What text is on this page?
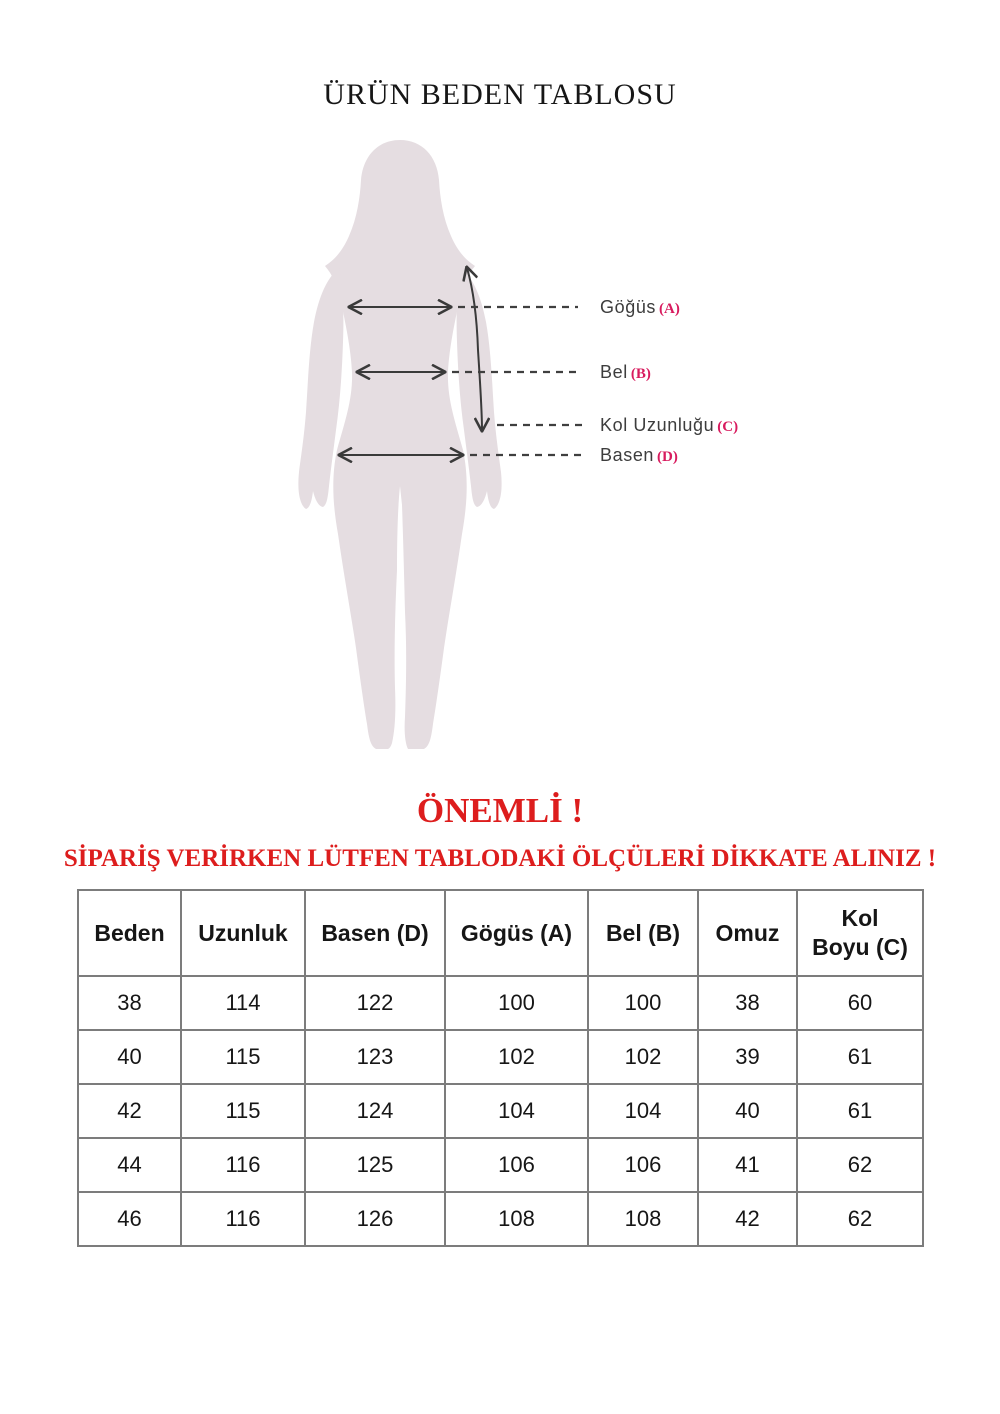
ÜRÜN BEDEN TABLOSU
Göğüs (A)
Bel (B)
Kol Uzunluğu (C)
Basen (D)
ÖNEMLİ !
SİPARİŞ VERİRKEN LÜTFEN TABLODAKİ ÖLÇÜLERİ DİKKATE ALINIZ !
Beden	Uzunluk	Basen (D)	Gögüs (A)	Bel (B)	Omuz	Kol Boyu (C)
38	114	122	100	100	38	60
40	115	123	102	102	39	61
42	115	124	104	104	40	61
44	116	125	106	106	41	62
46	116	126	108	108	42	62
